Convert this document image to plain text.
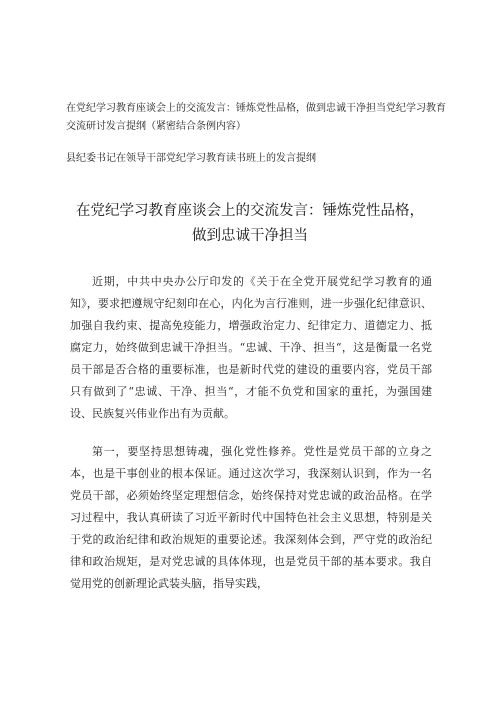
在党纪学习教育座谈会上的交流发言：锤炼党性品格，做到忠诚干净担当党纪学习教育交流研讨发言提纲（紧密结合条例内容）
县纪委书记在领导干部党纪学习教育读书班上的发言提纲
在党纪学习教育座谈会上的交流发言：锤炼党性品格，
做到忠诚干净担当

近期，中共中央办公厅印发的《关于在全党开展党纪学习教育的通知》，要求把遵规守纪刻印在心，内化为言行准则，进一步强化纪律意识、加强自我约束、提高免疫能力，增强政治定力、纪律定力、道德定力、抵腐定力，始终做到忠诚干净担当。“忠诚、干净、担当“，这是衡量一名党员干部是否合格的重要标准，也是新时代党的建设的重要内容，党员干部只有做到了“忠诚、干净、担当“，才能不负党和国家的重托，为强国建设、民族复兴伟业作出有为贡献。

第一，要坚持思想铸魂，强化党性修养。党性是党员干部的立身之本，也是干事创业的根本保证。通过这次学习，我深刻认识到，作为一名党员干部，必须始终坚定理想信念，始终保持对党忠诚的政治品格。在学习过程中，我认真研读了习近平新时代中国特色社会主义思想，特别是关于党的政治纪律和政治规矩的重要论述。我深刻体会到，严守党的政治纪律和政治规矩，是对党忠诚的具体体现，也是党员干部的基本要求。我自觉用党的创新理论武装头脑，指导实践，
